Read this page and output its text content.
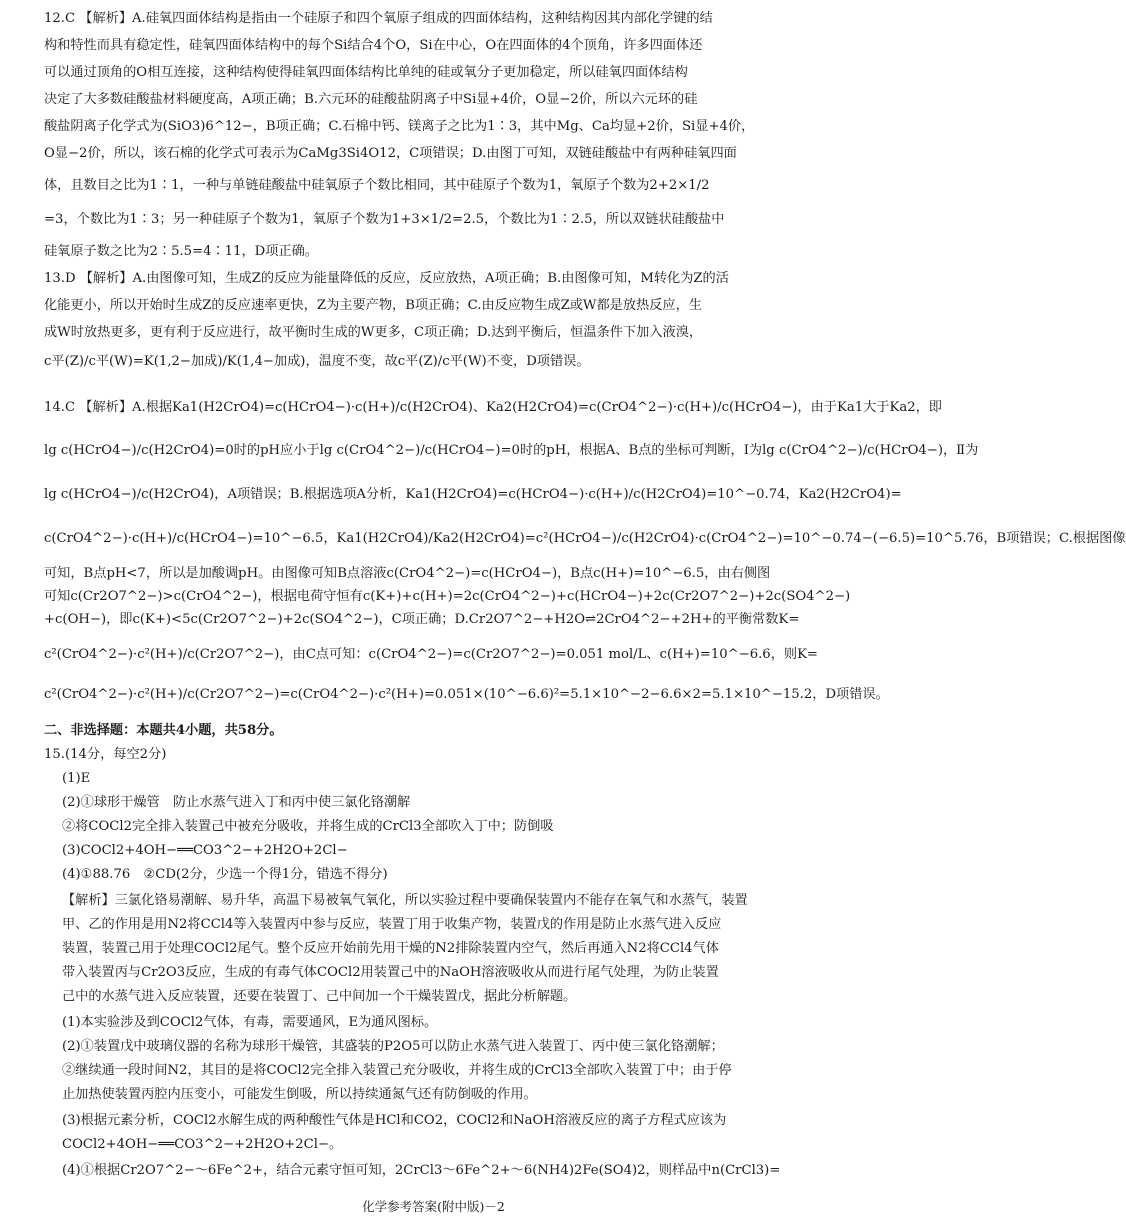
12.C 【解析】A.硅氧四面体结构是指由一个硅原子和四个氧原子组成的四面体结构，这种结构因其内部化学键的结
构和特性而具有稳定性，硅氧四面体结构中的每个Si结合4个O，Si在中心，O在四面体的4个顶角，许多四面体还
可以通过顶角的O相互连接，这种结构使得硅氧四面体结构比单纯的硅或氧分子更加稳定，所以硅氧四面体结构
决定了大多数硅酸盐材料硬度高，A项正确；B.六元环的硅酸盐阴离子中Si显+4价，O显−2价，所以六元环的硅
酸盐阴离子化学式为(SiO3)6^12−，B项正确；C.石棉中钙、镁离子之比为1∶3，其中Mg、Ca均显+2价，Si显+4价，
O显−2价，所以，该石棉的化学式可表示为CaMg3Si4O12，C项错误；D.由图丁可知，双链硅酸盐中有两种硅氧四面
体，且数目之比为1∶1，一种与单链硅酸盐中硅氧原子个数比相同，其中硅原子个数为1，氧原子个数为2+2×1/2
=3，个数比为1∶3；另一种硅原子个数为1，氧原子个数为1+3×1/2=2.5，个数比为1∶2.5，所以双链状硅酸盐中
硅氧原子数之比为2∶5.5=4∶11，D项正确。
13.D 【解析】A.由图像可知，生成Z的反应为能量降低的反应，反应放热，A项正确；B.由图像可知，M转化为Z的活
化能更小，所以开始时生成Z的反应速率更快，Z为主要产物，B项正确；C.由反应物生成Z或W都是放热反应，生
成W时放热更多，更有利于反应进行，故平衡时生成的W更多，C项正确；D.达到平衡后，恒温条件下加入液溴，
c平(Z)/c平(W)=K(1,2−加成)/K(1,4−加成)，温度不变，故c平(Z)/c平(W)不变，D项错误。
14.C 【解析】A.根据Ka1(H2CrO4)=c(HCrO4−)·c(H+)/c(H2CrO4)、Ka2(H2CrO4)=c(CrO4^2−)·c(H+)/c(HCrO4−)，由于Ka1大于Ka2，即
lg c(HCrO4−)/c(H2CrO4)=0时的pH应小于lg c(CrO4^2−)/c(HCrO4−)=0时的pH，根据A、B点的坐标可判断，Ⅰ为lg c(CrO4^2−)/c(HCrO4−)，Ⅱ为
lg c(HCrO4−)/c(H2CrO4)，A项错误；B.根据选项A分析，Ka1(H2CrO4)=c(HCrO4−)·c(H+)/c(H2CrO4)=10^−0.74，Ka2(H2CrO4)=
c(CrO4^2−)·c(H+)/c(HCrO4−)=10^−6.5，Ka1(H2CrO4)/Ka2(H2CrO4)=c²(HCrO4−)/c(H2CrO4)·c(CrO4^2−)=10^−0.74−(−6.5)=10^5.76，B项错误；C.根据图像
可知，B点pH<7，所以是加酸调pH。由图像可知B点溶液c(CrO4^2−)=c(HCrO4−)，B点c(H+)=10^−6.5，由右侧图
可知c(Cr2O7^2−)>c(CrO4^2−)，根据电荷守恒有c(K+)+c(H+)=2c(CrO4^2−)+c(HCrO4−)+2c(Cr2O7^2−)+2c(SO4^2−)
+c(OH−)，即c(K+)<5c(Cr2O7^2−)+2c(SO4^2−)，C项正确；D.Cr2O7^2−+H2O⇌2CrO4^2−+2H+的平衡常数K=
c²(CrO4^2−)·c²(H+)/c(Cr2O7^2−)，由C点可知：c(CrO4^2−)=c(Cr2O7^2−)=0.051 mol/L、c(H+)=10^−6.6，则K=
c²(CrO4^2−)·c²(H+)/c(Cr2O7^2−)=c(CrO4^2−)·c²(H+)=0.051×(10^−6.6)²=5.1×10^−2−6.6×2=5.1×10^−15.2，D项错误。
二、非选择题：本题共4小题，共58分。
15.(14分，每空2分)
(1)E
(2)①球形干燥管　防止水蒸气进入丁和丙中使三氯化铬潮解
②将COCl2完全排入装置己中被充分吸收，并将生成的CrCl3全部吹入丁中；防倒吸
(3)COCl2+4OH−══CO3^2−+2H2O+2Cl−
(4)①88.76　②CD(2分，少选一个得1分，错选不得分)
【解析】三氯化铬易潮解、易升华，高温下易被氧气氧化，所以实验过程中要确保装置内不能存在氧气和水蒸气，装置
甲、乙的作用是用N2将CCl4等入装置丙中参与反应，装置丁用于收集产物，装置戊的作用是防止水蒸气进入反应
装置，装置己用于处理COCl2尾气。整个反应开始前先用干燥的N2排除装置内空气，然后再通入N2将CCl4气体
带入装置丙与Cr2O3反应，生成的有毒气体COCl2用装置己中的NaOH溶液吸收从而进行尾气处理，为防止装置
己中的水蒸气进入反应装置，还要在装置丁、己中间加一个干燥装置戊，据此分析解题。
(1)本实验涉及到COCl2气体，有毒，需要通风，E为通风图标。
(2)①装置戊中玻璃仪器的名称为球形干燥管，其盛装的P2O5可以防止水蒸气进入装置丁、丙中使三氯化铬潮解；
②继续通一段时间N2，其目的是将COCl2完全排入装置己充分吸收，并将生成的CrCl3全部吹入装置丁中；由于停
止加热使装置丙腔内压变小，可能发生倒吸，所以持续通氮气还有防倒吸的作用。
(3)根据元素分析，COCl2水解生成的两种酸性气体是HCl和CO2，COCl2和NaOH溶液反应的离子方程式应该为
COCl2+4OH−══CO3^2−+2H2O+2Cl−。
(4)①根据Cr2O7^2−～6Fe^2+，结合元素守恒可知，2CrCl3～6Fe^2+～6(NH4)2Fe(SO4)2，则样品中n(CrCl3)=
化学参考答案(附中版)－2
